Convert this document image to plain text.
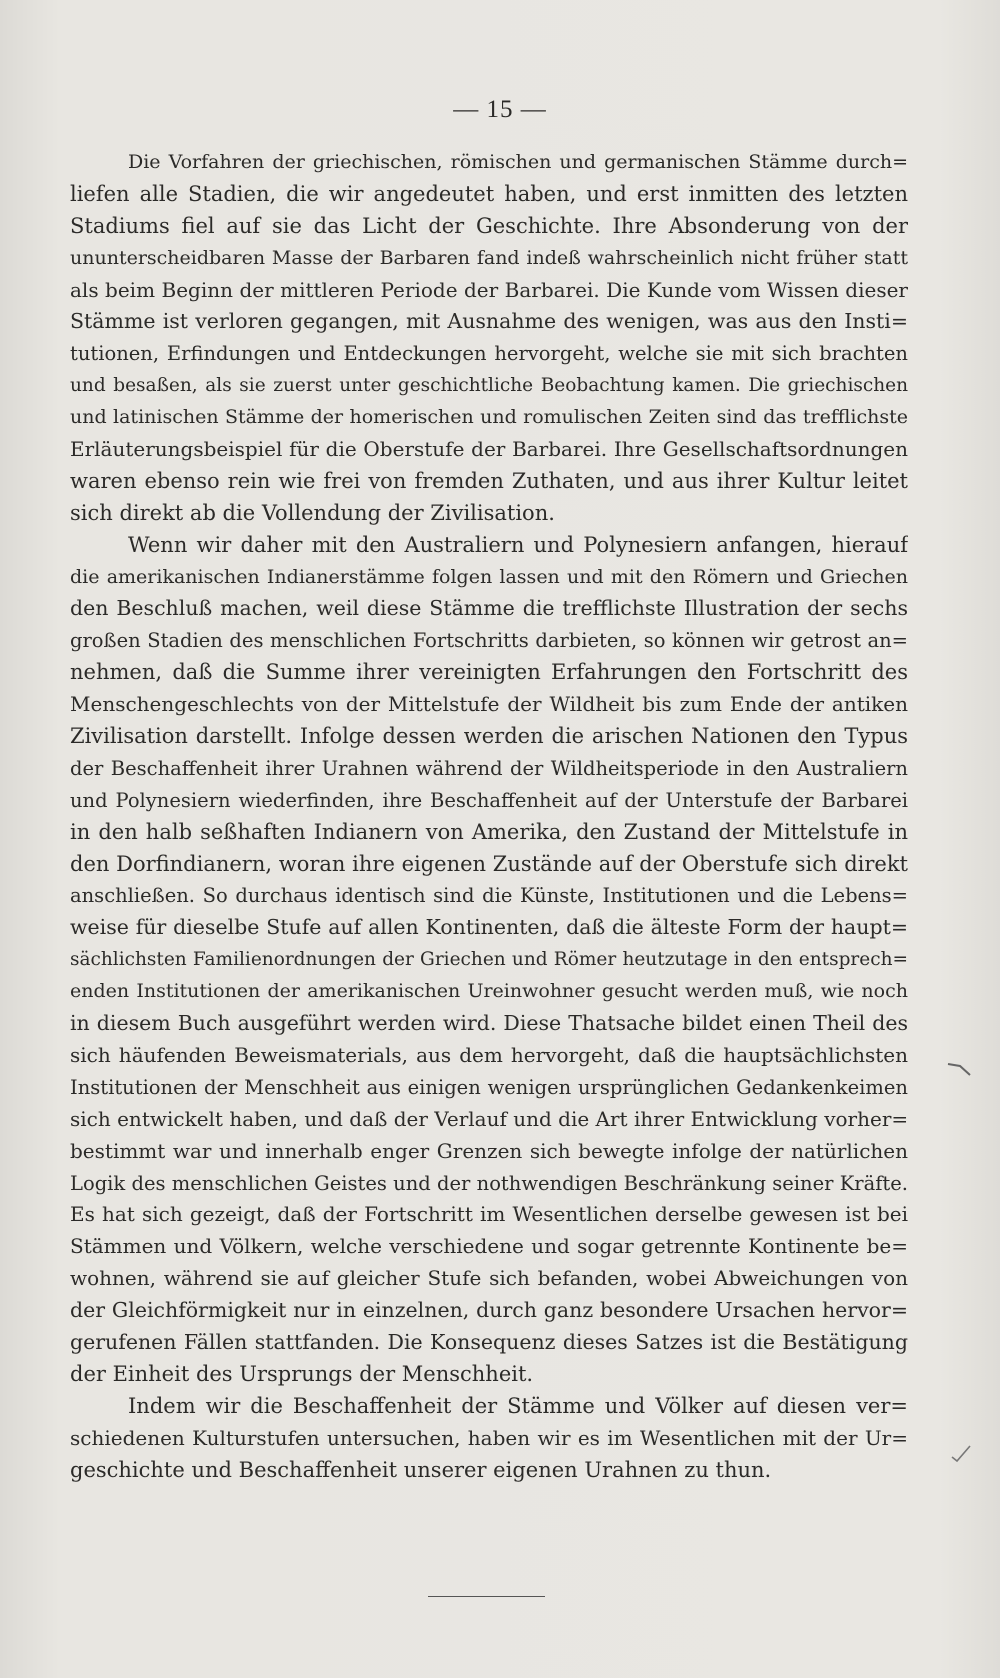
— 15 —
Die Vorfahren der griechischen, römischen und germanischen Stämme durch=
liefen alle Stadien, die wir angedeutet haben, und erst inmitten des letzten
Stadiums fiel auf sie das Licht der Geschichte. Ihre Absonderung von der
ununterscheidbaren Masse der Barbaren fand indeß wahrscheinlich nicht früher statt
als beim Beginn der mittleren Periode der Barbarei. Die Kunde vom Wissen dieser
Stämme ist verloren gegangen, mit Ausnahme des wenigen, was aus den Insti=
tutionen, Erfindungen und Entdeckungen hervorgeht, welche sie mit sich brachten
und besaßen, als sie zuerst unter geschichtliche Beobachtung kamen. Die griechischen
und latinischen Stämme der homerischen und romulischen Zeiten sind das trefflichste
Erläuterungsbeispiel für die Oberstufe der Barbarei. Ihre Gesellschaftsordnungen
waren ebenso rein wie frei von fremden Zuthaten, und aus ihrer Kultur leitet
sich direkt ab die Vollendung der Zivilisation.
Wenn wir daher mit den Australiern und Polynesiern anfangen, hierauf
die amerikanischen Indianerstämme folgen lassen und mit den Römern und Griechen
den Beschluß machen, weil diese Stämme die trefflichste Illustration der sechs
großen Stadien des menschlichen Fortschritts darbieten, so können wir getrost an=
nehmen, daß die Summe ihrer vereinigten Erfahrungen den Fortschritt des
Menschengeschlechts von der Mittelstufe der Wildheit bis zum Ende der antiken
Zivilisation darstellt. Infolge dessen werden die arischen Nationen den Typus
der Beschaffenheit ihrer Urahnen während der Wildheitsperiode in den Australiern
und Polynesiern wiederfinden, ihre Beschaffenheit auf der Unterstufe der Barbarei
in den halb seßhaften Indianern von Amerika, den Zustand der Mittelstufe in
den Dorfindianern, woran ihre eigenen Zustände auf der Oberstufe sich direkt
anschließen. So durchaus identisch sind die Künste, Institutionen und die Lebens=
weise für dieselbe Stufe auf allen Kontinenten, daß die älteste Form der haupt=
sächlichsten Familienordnungen der Griechen und Römer heutzutage in den entsprech=
enden Institutionen der amerikanischen Ureinwohner gesucht werden muß, wie noch
in diesem Buch ausgeführt werden wird. Diese Thatsache bildet einen Theil des
sich häufenden Beweismaterials, aus dem hervorgeht, daß die hauptsächlichsten
Institutionen der Menschheit aus einigen wenigen ursprünglichen Gedankenkeimen
sich entwickelt haben, und daß der Verlauf und die Art ihrer Entwicklung vorher=
bestimmt war und innerhalb enger Grenzen sich bewegte infolge der natürlichen
Logik des menschlichen Geistes und der nothwendigen Beschränkung seiner Kräfte.
Es hat sich gezeigt, daß der Fortschritt im Wesentlichen derselbe gewesen ist bei
Stämmen und Völkern, welche verschiedene und sogar getrennte Kontinente be=
wohnen, während sie auf gleicher Stufe sich befanden, wobei Abweichungen von
der Gleichförmigkeit nur in einzelnen, durch ganz besondere Ursachen hervor=
gerufenen Fällen stattfanden. Die Konsequenz dieses Satzes ist die Bestätigung
der Einheit des Ursprungs der Menschheit.
Indem wir die Beschaffenheit der Stämme und Völker auf diesen ver=
schiedenen Kulturstufen untersuchen, haben wir es im Wesentlichen mit der Ur=
geschichte und Beschaffenheit unserer eigenen Urahnen zu thun.
